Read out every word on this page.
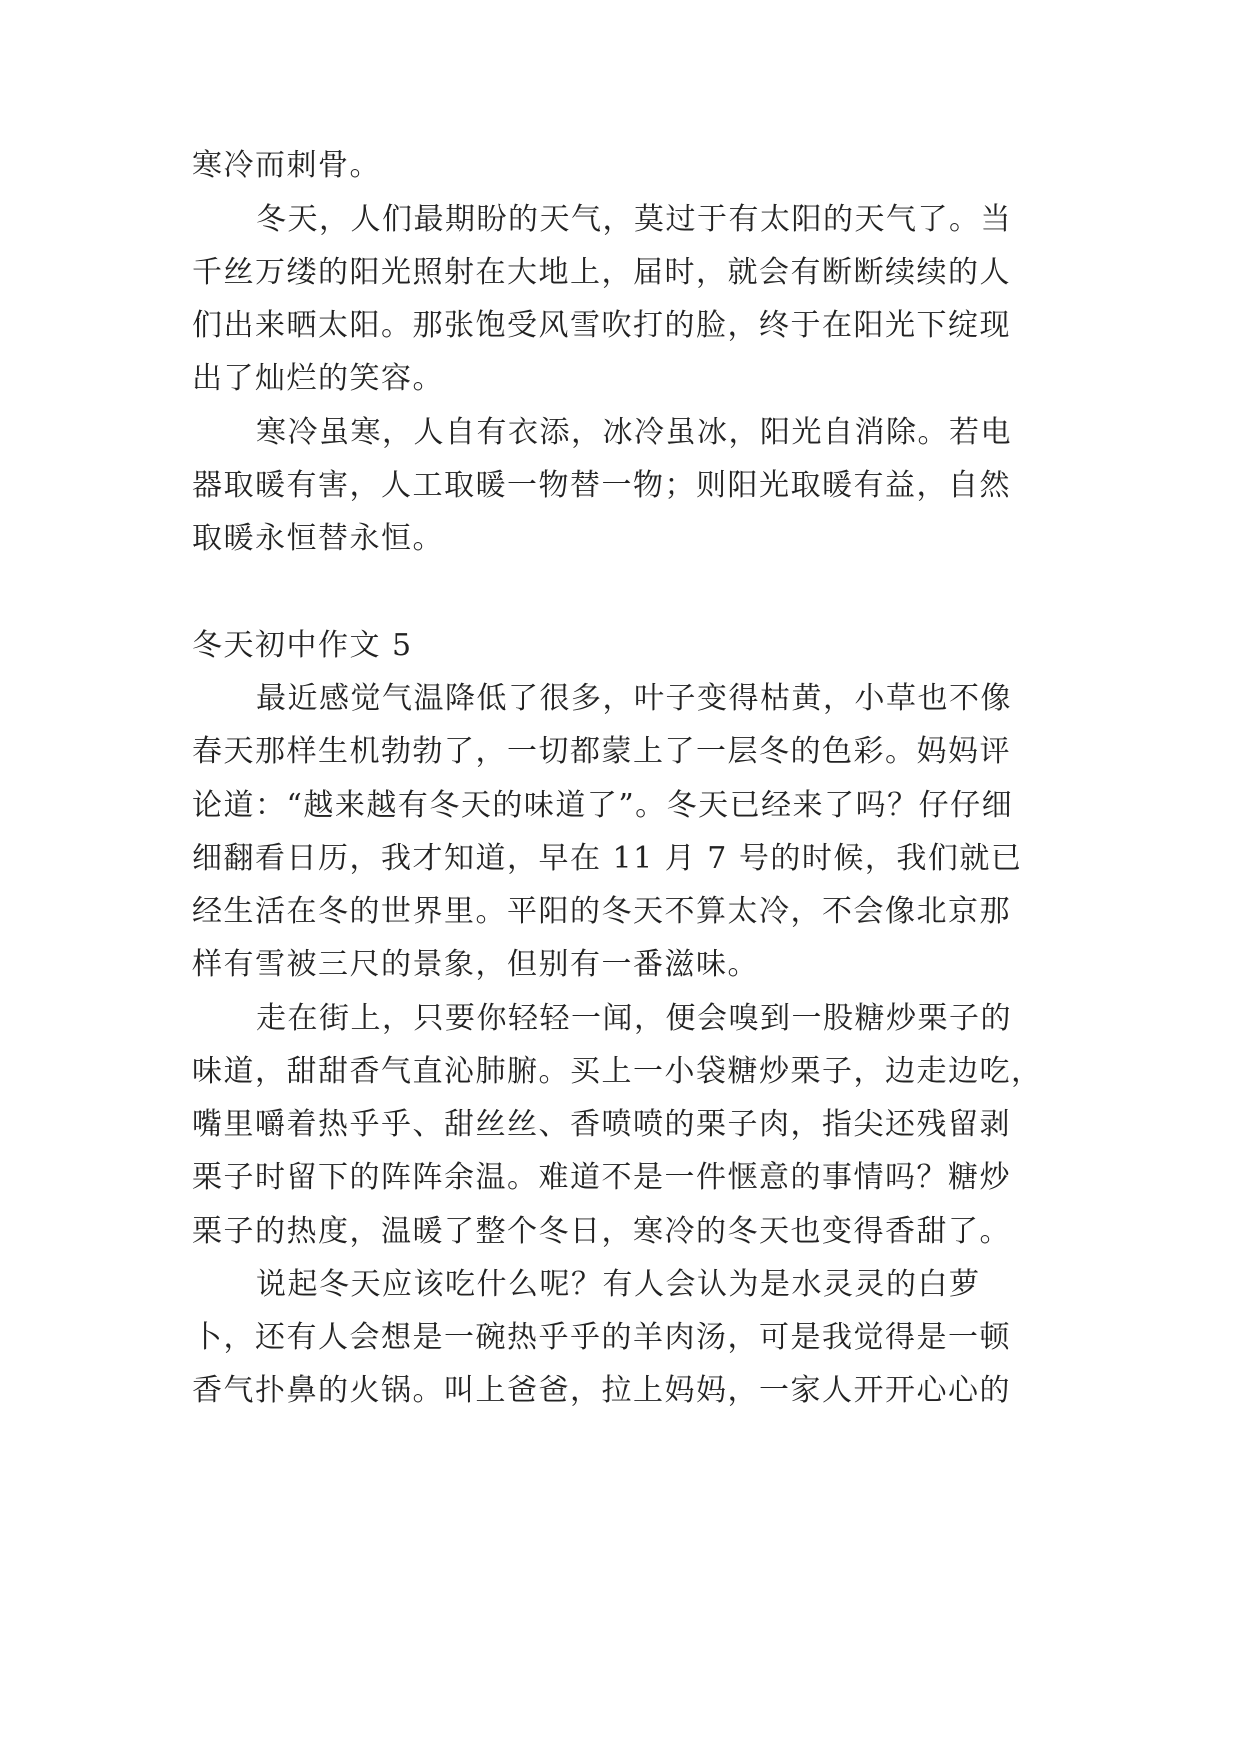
寒冷而刺骨。
冬天，人们最期盼的天气，莫过于有太阳的天气了。当
千丝万缕的阳光照射在大地上，届时，就会有断断续续的人
们出来晒太阳。那张饱受风雪吹打的脸，终于在阳光下绽现
出了灿烂的笑容。
寒冷虽寒，人自有衣添，冰冷虽冰，阳光自消除。若电
器取暖有害，人工取暖一物替一物；则阳光取暖有益，自然
取暖永恒替永恒。
冬天初中作文 5
最近感觉气温降低了很多，叶子变得枯黄，小草也不像
春天那样生机勃勃了，一切都蒙上了一层冬的色彩。妈妈评
论道：“越来越有冬天的味道了”。冬天已经来了吗？仔仔细
细翻看日历，我才知道，早在 11 月 7 号的时候，我们就已
经生活在冬的世界里。平阳的冬天不算太冷，不会像北京那
样有雪被三尺的景象，但别有一番滋味。
走在街上，只要你轻轻一闻，便会嗅到一股糖炒栗子的
味道，甜甜香气直沁肺腑。买上一小袋糖炒栗子，边走边吃，
嘴里嚼着热乎乎、甜丝丝、香喷喷的栗子肉，指尖还残留剥
栗子时留下的阵阵余温。难道不是一件惬意的事情吗？糖炒
栗子的热度，温暖了整个冬日，寒冷的冬天也变得香甜了。
说起冬天应该吃什么呢？有人会认为是水灵灵的白萝
卜，还有人会想是一碗热乎乎的羊肉汤，可是我觉得是一顿
香气扑鼻的火锅。叫上爸爸，拉上妈妈，一家人开开心心的
